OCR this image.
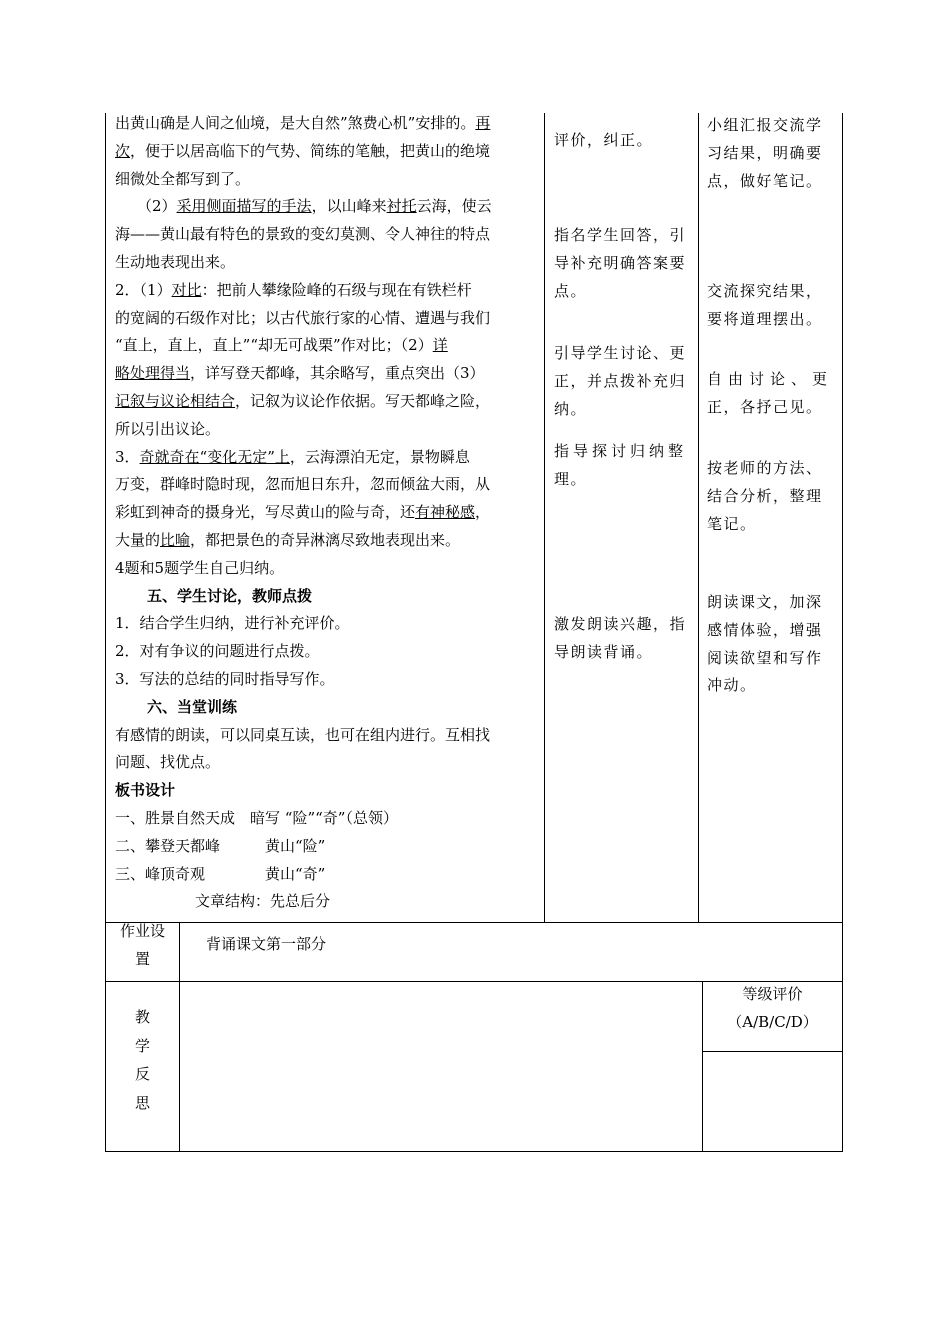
出黄山确是人间之仙境，是大自然”煞费心机”安排的。再

次，便于以居高临下的气势、简练的笔触，把黄山的绝境

细微处全都写到了。

（2）采用侧面描写的手法，以山峰来衬托云海，使云

海——黄山最有特色的景致的变幻莫测、令人神往的特点

生动地表现出来。

2．（1）对比：把前人攀缘险峰的石级与现在有铁栏杆

的宽阔的石级作对比；以古代旅行家的心情、遭遇与我们

“直上，直上，直上”“却无可战栗”作对比；（2）详

略处理得当，详写登天都峰，其余略写，重点突出（3）

记叙与议论相结合，记叙为议论作依据。写天都峰之险，

所以引出议论。

3．奇就奇在“变化无定”上，云海漂泊无定，景物瞬息

万变，群峰时隐时现，忽而旭日东升，忽而倾盆大雨，从

彩虹到神奇的摄身光，写尽黄山的险与奇，还有神秘感，

大量的比喻，都把景色的奇异淋漓尽致地表现出来。

4题和5题学生自己归纳。

五、学生讨论，教师点拨

1．结合学生归纳，进行补充评价。

2．对有争议的问题进行点拨。

3．写法的总结的同时指导写作。

六、当堂训练

有感情的朗读，可以同桌互读，也可在组内进行。互相找

问题、找优点。

板书设计

一、胜景自然天成　暗写 “险”“奇”（总领）

二、攀登天都峰　　　黄山“险”

三、峰顶奇观　　　　黄山“奇”

文章结构：先总后分

评价，纠正。

指名学生回答，引

导补充明确答案要

点。

引导学生讨论、更

正，并点拨补充归

纳。

指导探讨归纳整

理。

激发朗读兴趣，指

导朗读背诵。

小组汇报交流学

习结果，明确要

点，做好笔记。

交流探究结果，

要将道理摆出。

自由讨论、更

正，各抒己见。

按老师的方法、

结合分析，整理

笔记。

朗读课文，加深

感情体验，增强

阅读欲望和写作

冲动。

作业设

置

背诵课文第一部分

教

学

反

思

等级评价

（A/B/C/D）
